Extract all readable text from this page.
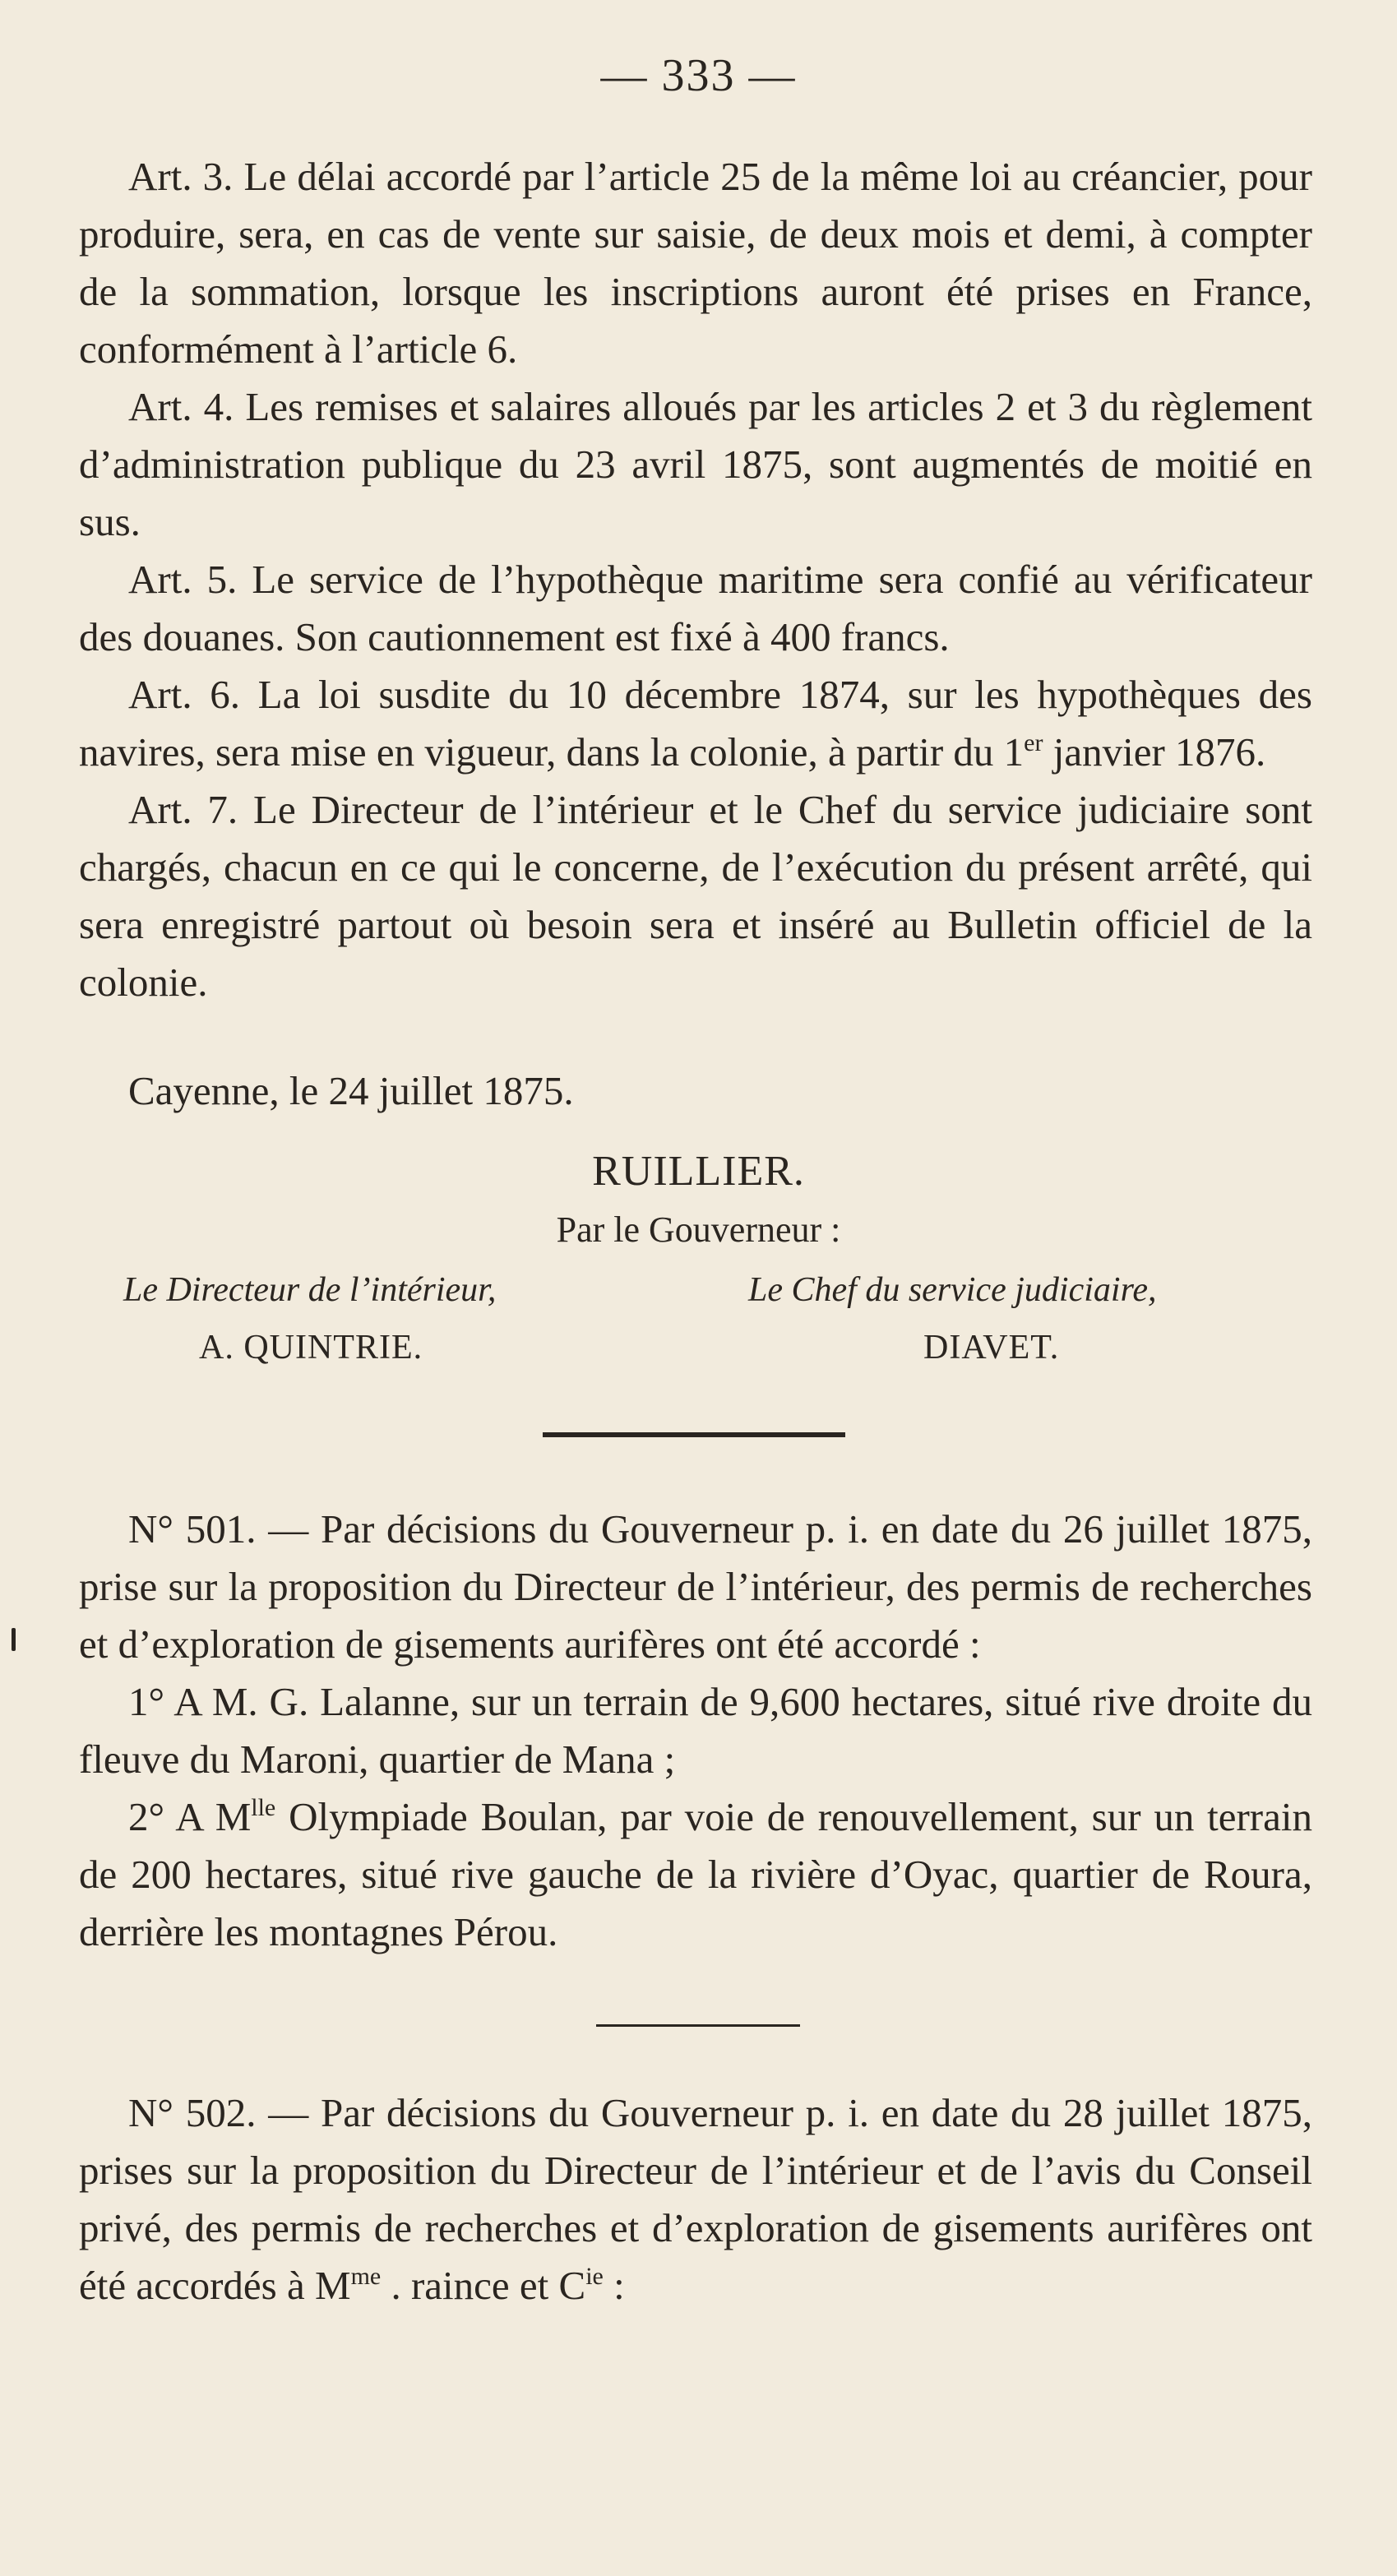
— 333 —

Art. 3. Le délai accordé par l’article 25 de la même loi au créancier, pour produire, sera, en cas de vente sur saisie, de deux mois et demi, à compter de la sommation, lorsque les inscriptions auront été prises en France, conformément à l’article 6.

Art. 4. Les remises et salaires alloués par les articles 2 et 3 du règlement d’administration publique du 23 avril 1875, sont augmentés de moitié en sus.

Art. 5. Le service de l’hypothèque maritime sera confié au vérificateur des douanes. Son cautionnement est fixé à 400 francs.

Art. 6. La loi susdite du 10 décembre 1874, sur les hypothèques des navires, sera mise en vigueur, dans la colonie, à partir du 1er janvier 1876.

Art. 7. Le Directeur de l’intérieur et le Chef du service judiciaire sont chargés, chacun en ce qui le concerne, de l’exécution du présent arrêté, qui sera enregistré partout où besoin sera et inséré au Bulletin officiel de la colonie.

Cayenne, le 24 juillet 1875.
RUILLIER.
Par le Gouverneur :
Le Directeur de l’intérieur,	Le Chef du service judiciaire,
A. QUINTRIE.	DIAVET.

N° 501. — Par décisions du Gouverneur p. i. en date du 26 juillet 1875, prise sur la proposition du Directeur de l’intérieur, des permis de recherches et d’exploration de gisements aurifères ont été accordé :

1° A M. G. Lalanne, sur un terrain de 9,600 hectares, situé rive droite du fleuve du Maroni, quartier de Mana ;

2° A $M^{lle}$ Olympiade Boulan, par voie de renouvellement, sur un terrain de 200 hectares, situé rive gauche de la rivière d’Oyac, quartier de Roura, derrière les montagnes Pérou.

N° 502. — Par décisions du Gouverneur p. i. en date du 28 juillet 1875, prises sur la proposition du Directeur de l’intérieur et de l’avis du Conseil privé, des permis de recherches et d’exploration de gisements aurifères ont été accordés à $M^{me}$ . raince et $C^{ie}$ :
